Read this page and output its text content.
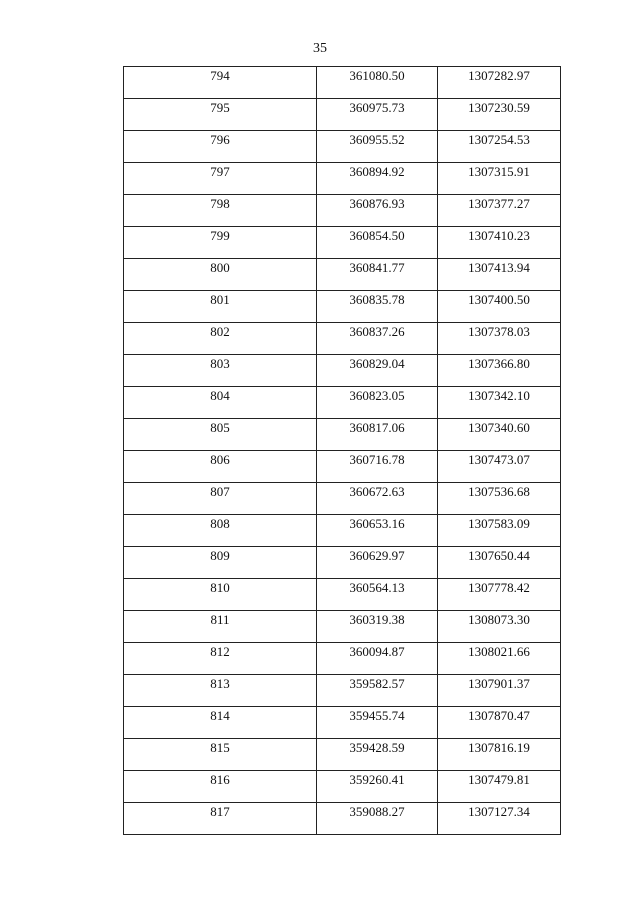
35
794	361080.50	1307282.97
795	360975.73	1307230.59
796	360955.52	1307254.53
797	360894.92	1307315.91
798	360876.93	1307377.27
799	360854.50	1307410.23
800	360841.77	1307413.94
801	360835.78	1307400.50
802	360837.26	1307378.03
803	360829.04	1307366.80
804	360823.05	1307342.10
805	360817.06	1307340.60
806	360716.78	1307473.07
807	360672.63	1307536.68
808	360653.16	1307583.09
809	360629.97	1307650.44
810	360564.13	1307778.42
811	360319.38	1308073.30
812	360094.87	1308021.66
813	359582.57	1307901.37
814	359455.74	1307870.47
815	359428.59	1307816.19
816	359260.41	1307479.81
817	359088.27	1307127.34
